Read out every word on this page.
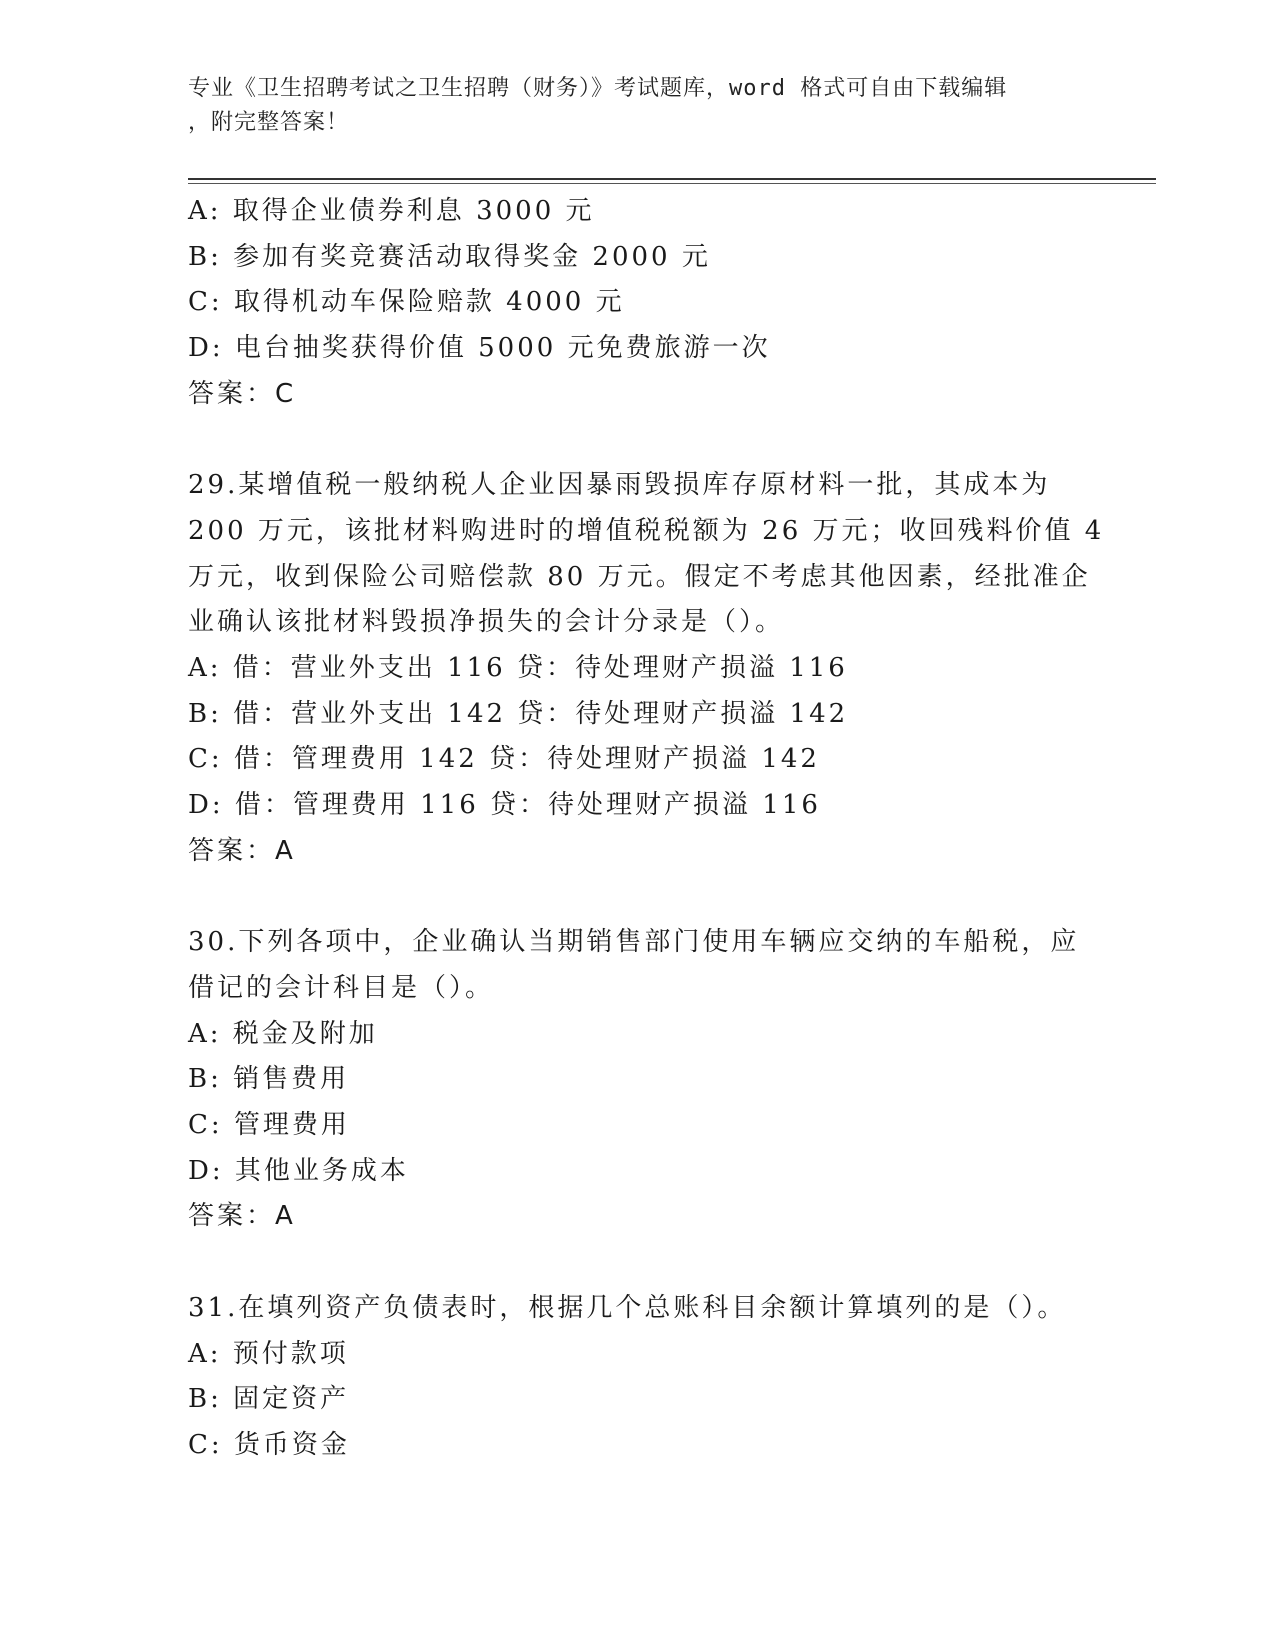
专业《卫生招聘考试之卫生招聘（财务）》考试题库，word 格式可自由下载编辑
，附完整答案！
A: 取得企业债券利息 3000 元
B: 参加有奖竞赛活动取得奖金 2000 元
C: 取得机动车保险赔款 4000 元
D: 电台抽奖获得价值 5000 元免费旅游一次
答案：C
29.某增值税一般纳税人企业因暴雨毁损库存原材料一批，其成本为
200 万元，该批材料购进时的增值税税额为 26 万元；收回残料价值 4
万元，收到保险公司赔偿款 80 万元。假定不考虑其他因素，经批准企
业确认该批材料毁损净损失的会计分录是（）。
A: 借：营业外支出 116 贷：待处理财产损溢 116
B: 借：营业外支出 142 贷：待处理财产损溢 142
C: 借：管理费用 142 贷：待处理财产损溢 142
D: 借：管理费用 116 贷：待处理财产损溢 116
答案：A
30.下列各项中，企业确认当期销售部门使用车辆应交纳的车船税，应
借记的会计科目是（）。
A: 税金及附加
B: 销售费用
C: 管理费用
D: 其他业务成本
答案：A
31.在填列资产负债表时，根据几个总账科目余额计算填列的是（）。
A: 预付款项
B: 固定资产
C: 货币资金
